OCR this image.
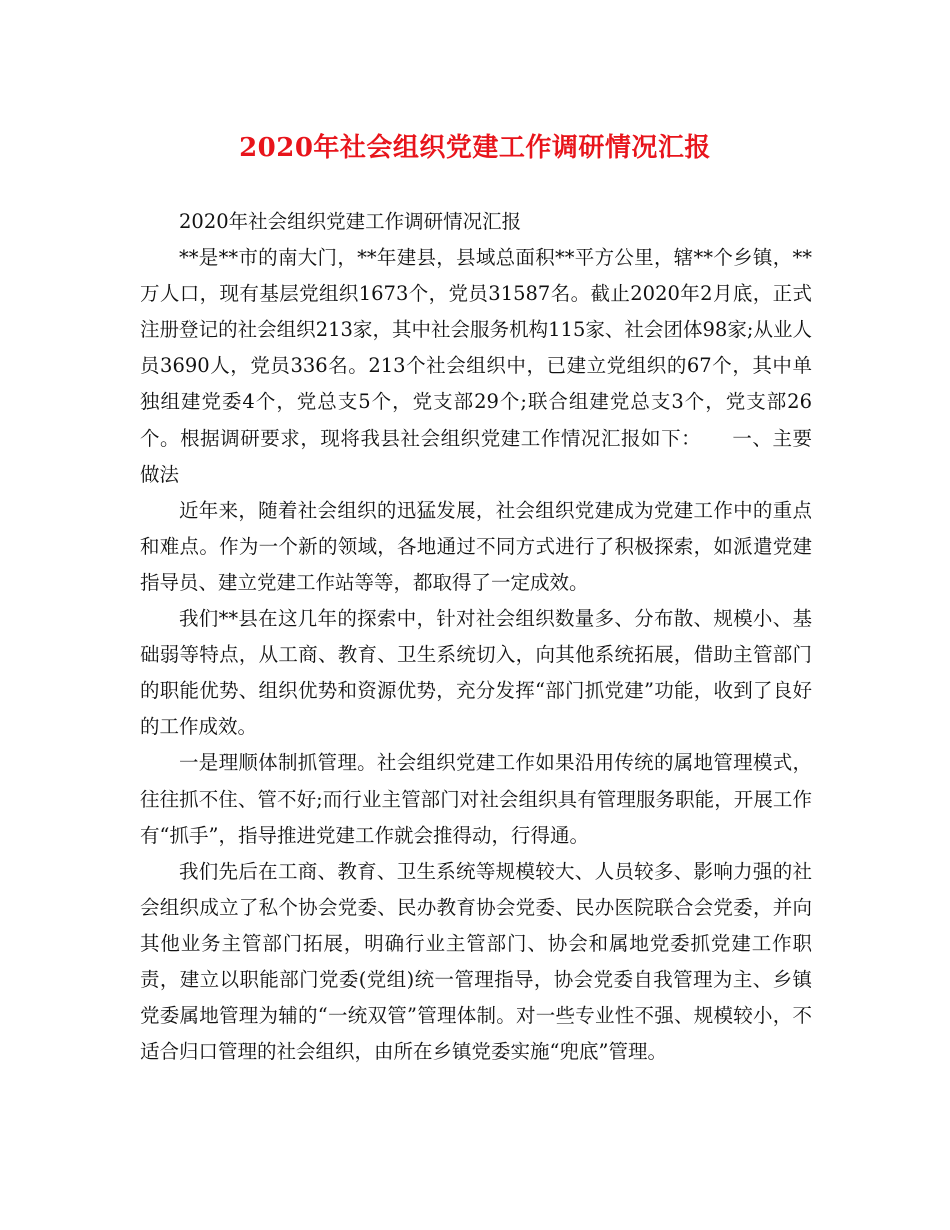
2020年社会组织党建工作调研情况汇报

2020年社会组织党建工作调研情况汇报

**是**市的南大门，**年建县，县域总面积**平方公里，辖**个乡镇，**万人口，现有基层党组织1673个，党员31587名。截止2020年2月底，正式注册登记的社会组织213家，其中社会服务机构115家、社会团体98家;从业人员3690人，党员336名。213个社会组织中，已建立党组织的67个，其中单独组建党委4个，党总支5个，党支部29个;联合组建党总支3个，党支部26个。根据调研要求，现将我县社会组织党建工作情况汇报如下： 一、主要做法

近年来，随着社会组织的迅猛发展，社会组织党建成为党建工作中的重点和难点。作为一个新的领域，各地通过不同方式进行了积极探索，如派遣党建指导员、建立党建工作站等等，都取得了一定成效。

我们**县在这几年的探索中，针对社会组织数量多、分布散、规模小、基础弱等特点，从工商、教育、卫生系统切入，向其他系统拓展，借助主管部门的职能优势、组织优势和资源优势，充分发挥“部门抓党建”功能，收到了良好的工作成效。

一是理顺体制抓管理。社会组织党建工作如果沿用传统的属地管理模式，往往抓不住、管不好;而行业主管部门对社会组织具有管理服务职能，开展工作有“抓手”，指导推进党建工作就会推得动，行得通。

我们先后在工商、教育、卫生系统等规模较大、人员较多、影响力强的社会组织成立了私个协会党委、民办教育协会党委、民办医院联合会党委，并向其他业务主管部门拓展，明确行业主管部门、协会和属地党委抓党建工作职责，建立以职能部门党委(党组)统一管理指导，协会党委自我管理为主、乡镇党委属地管理为辅的“一统双管”管理体制。对一些专业性不强、规模较小，不适合归口管理的社会组织，由所在乡镇党委实施“兜底”管理。
